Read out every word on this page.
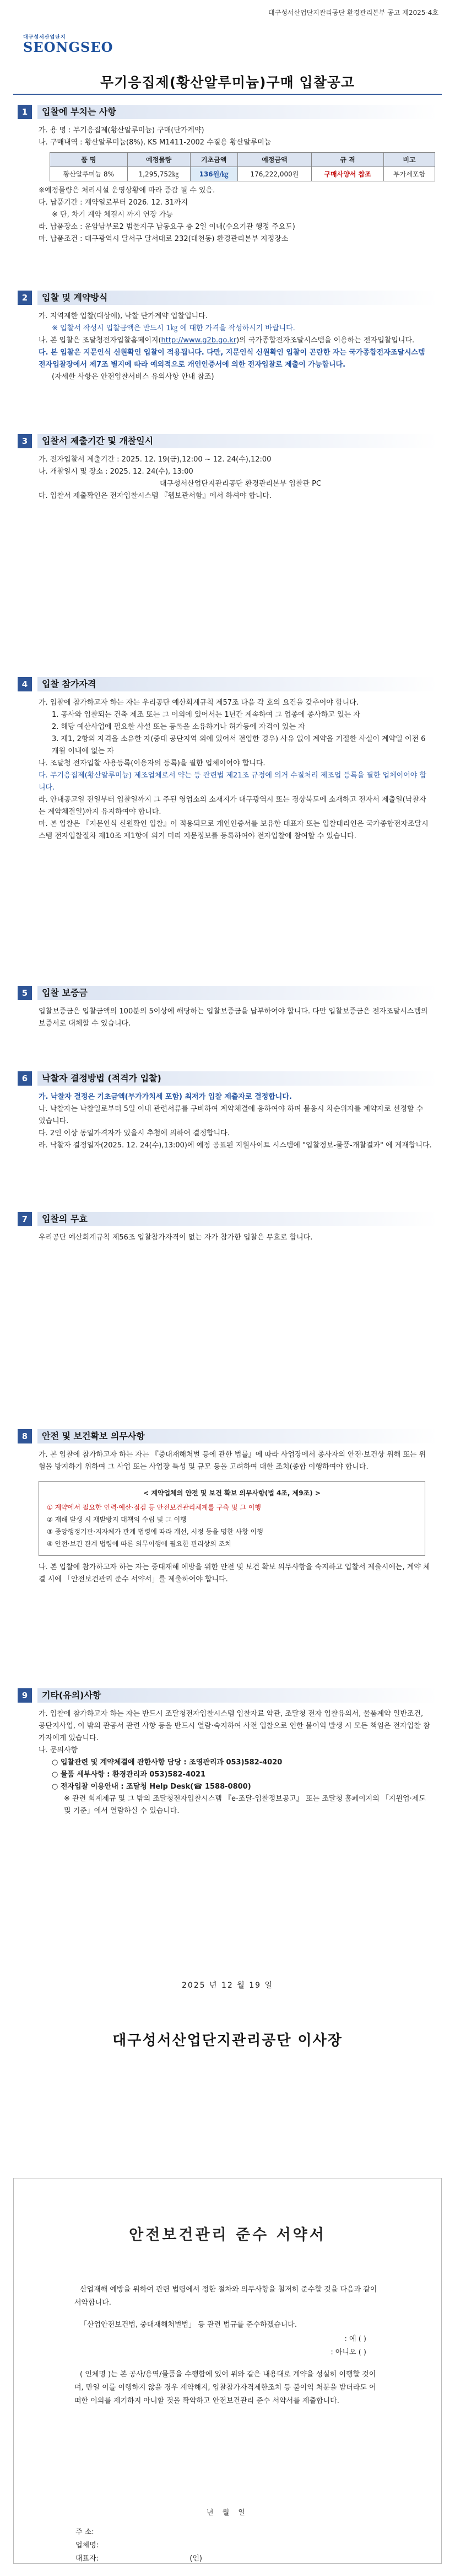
대구성서산업단지관리공단 환경관리본부 공고 제2025-4호
대구성서산업단지
SEONGSEO
무기응집제(황산알루미늄)구매 입찰공고
1	입찰에 부치는 사항
가. 용 명 : 무기응집제(황산알루미늄) 구매(단가계약)
나. 구매내역 : 황산알루미늄(8%), KS M1411-2002 수질용 황산알루미늄
품 명	예정물량	기초금액	예정금액	규 격	비고
황산알루미늄 8%	1,295,752㎏	136원/㎏	176,222,000원	구매사양서 참조	부가세포함
※예정물량은 처리시설 운영상황에 따라 증감 될 수 있음.
다. 납품기간 : 계약일로부터 2026. 12. 31까지
※ 단, 차기 계약 체결시 까지 연장 가능
라. 납품장소 : 운암남부로2 범물지구 남동요구 층 2일 이내(수요기관 행정 주요도)
마. 납품조건 : 대구광역시 달서구 달서대로 232(대천동) 환경관리본부 지정장소
2	입찰 및 계약방식
가. 지역제한 입찰(대상에), 낙찰 단가계약 입찰입니다.
※ 입찰서 작성시 입찰금액은 반드시 1㎏ 에 대한 가격을 작성하시기 바랍니다.
나. 본 입찰은 조달청전자입찰홈페이지(http://www.g2b.go.kr)의 국가종합전자조달시스템을 이용하는 전자입찰입니다.
다. 본 입찰은 지문인식 신원확인 입찰이 적용됩니다. 다만, 지문인식 신원확인 입찰이 곤란한 자는 국가종합전자조달시스템 전자입찰장에서 제7조 별지에 따라 예외적으로 개인인증서에 의한 전자입찰로 제출이 가능합니다.
(자세한 사항은 안전입찰서비스 유의사항 안내 참조)
3	입찰서 제출기간 및 개찰일시
가. 전자입찰서 제출기간 : 2025. 12. 19(금),12:00 ~ 12. 24(수),12:00
나. 개찰일시 및 장소 : 2025. 12. 24(수), 13:00
대구성서산업단지관리공단 환경관리본부 입찰관 PC
다. 입찰서 제출확인은 전자입찰시스템 『웹보관서함』에서 하셔야 합니다.
4	입찰 참가자격
가. 입찰에 참가하고자 하는 자는 우리공단 예산회계규칙 제57조 다음 각 호의 요건을 갖추어야 합니다.
1. 공사와 입찰되는 건축 제조 또는 그 이외에 있어서는 1년간 계속하여 그 업종에 종사하고 있는 자
2. 해당 예산사업에 필요한 사설 또는 등록을 소유하거나 허가등에 자격이 있는 자
3. 제1, 2항의 자격을 소유한 자(중대 공단지역 외에 있어서 전입한 경우) 사유 없이 계약을 거절한 사실이 계약일 이전 6개월 이내에 없는 자
나. 조달청 전자입찰 사용등록(이용자의 등록)을 필한 업체이어야 합니다.
다. 무기응집제(황산알루미늄) 제조업체로서 약는 등 관련법 제21조 규정에 의거 수질처리 제조업 등록을 필한 업체이어야 합니다.
라. 안내공고일 전일부터 입찰일까지 그 주된 영업소의 소재지가 대구광역시 또는 경상북도에 소재하고 전자서 제출일(낙찰자는 계약체결일)까지 유지하여야 합니다.
마. 본 입찰은 『지문인식 신원확인 입찰』이 적용되므로 개인인증서를 보유한 대표자 또는 입찰대리인은 국가종합전자조달시스템 전자입찰절차 제10조 제1항에 의거 미리 지문정보를 등록하여야 전자입찰에 참여할 수 있습니다.
5	입찰 보증금
입찰보증금은 입찰금액의 100분의 5이상에 해당하는 입찰보증금을 납부하여야 합니다. 다만 입찰보증금은 전자조달시스템의 보증서로 대체할 수 있습니다.
6	낙찰자 결정방법 (적격가 입찰)
가. 낙찰자 결정은 기초금액(부가가치세 포함) 최저가 입찰 제출자로 결정합니다.
나. 낙찰자는 낙찰일로부터 5일 이내 관련서류를 구비하여 계약체결에 응하여야 하며 불응시 차순위자를 계약자로 선정할 수 있습니다.
다. 2인 이상 동일가격자가 있을시 추첨에 의하여 결정합니다.
라. 낙찰자 결정일자(2025. 12. 24(수),13:00)에 예정 공표된 지원사이트 시스템에 "입찰정보-물품-개찰결과" 에 게재합니다.
7	입찰의 무효
우리공단 예산회계규칙 제56조 입찰참가자격이 없는 자가 참가한 입찰은 무효로 합니다.
8	안전 및 보건확보 의무사항
가. 본 입찰에 참가하고자 하는 자는 『중대재해처벌 등에 관한 법률』에 따라 사업장에서 종사자의 안전·보건상 위해 또는 위험을 방지하기 위하여 그 사업 또는 사업장 특성 및 규모 등을 고려하여 대한 조치(종합 이행하여야 합니다.
< 계약업체의 안전 및 보건 확보 의무사항(법 4조, 제9조) >
① 계약에서 필요한 인력·예산·점검 등 안전보건관리체계를 구축 및 그 이행
② 재해 발생 시 재발방지 대책의 수립 및 그 이행
③ 중앙행정기관·지자체가 관계 법령에 따라 개선, 시정 등을 명한 사항 이행
④ 안전·보건 관계 법령에 따른 의무이행에 필요한 관리상의 조치
나. 본 입찰에 참가하고자 하는 자는 중대재해 예방을 위한 안전 및 보건 확보 의무사항을 숙지하고 입찰서 제출시에는, 계약 체결 시에 「안전보건관리 준수 서약서」를 제출하여야 합니다.
9	기타(유의)사항
가. 입찰에 참가하고자 하는 자는 반드시 조달청전자입찰시스템 입찰자료 약관, 조달청 전자 입찰유의서, 물품계약 일반조건, 공단지사업, 이 밖의 관공서 관련 사항 등을 반드시 열람·숙지하여 사전 입찰으로 인한 불이익 발생 시 모든 책임은 전자입찰 참가자에게 있습니다.
나. 문의사항
○ 입찰관련 및 계약체결에 관한사항 담당 : 조영관리과 053)582-4020
○ 물품 세부사항 : 환경관리과 053)582-4021
○ 전자입찰 이용안내 : 조달청 Help Desk(☎ 1588-0800)
※ 관련 회계제규 및 그 밖의 조달청전자입찰시스템 『e-조달-입찰정보공고』 또는 조달청 홈페이지의 「지원업·제도 및 기준」에서 열람하실 수 있습니다.
2025 년 12 월 19 일
대구성서산업단지관리공단 이사장
안전보건관리 준수 서약서

산업재해 예방을 위하여 관련 법령에서 정한 절차와 의무사항을 철저히 준수할 것을 다음과 같이 서약합니다.

「산업안전보건법, 중대재해처벌법」 등 관련 법규를 준수하겠습니다.

: 예 ( )
: 아니오 ( )

( 인체명 )는 본 공사/용역/물품을 수행함에 있어 위와 같은 내용대로 계약을 성실히 이행할 것이며, 만일 이를 이행하지 않을 경우 계약해지, 입찰참가자격제한조치 등 불이익 처분을 받더라도 어떠한 이의를 제기하지 아니할 것을 확약하고 안전보건관리 준수 서약서를 제출합니다.

년 월 일
주 소:
업체명:
대표자:	(인)
